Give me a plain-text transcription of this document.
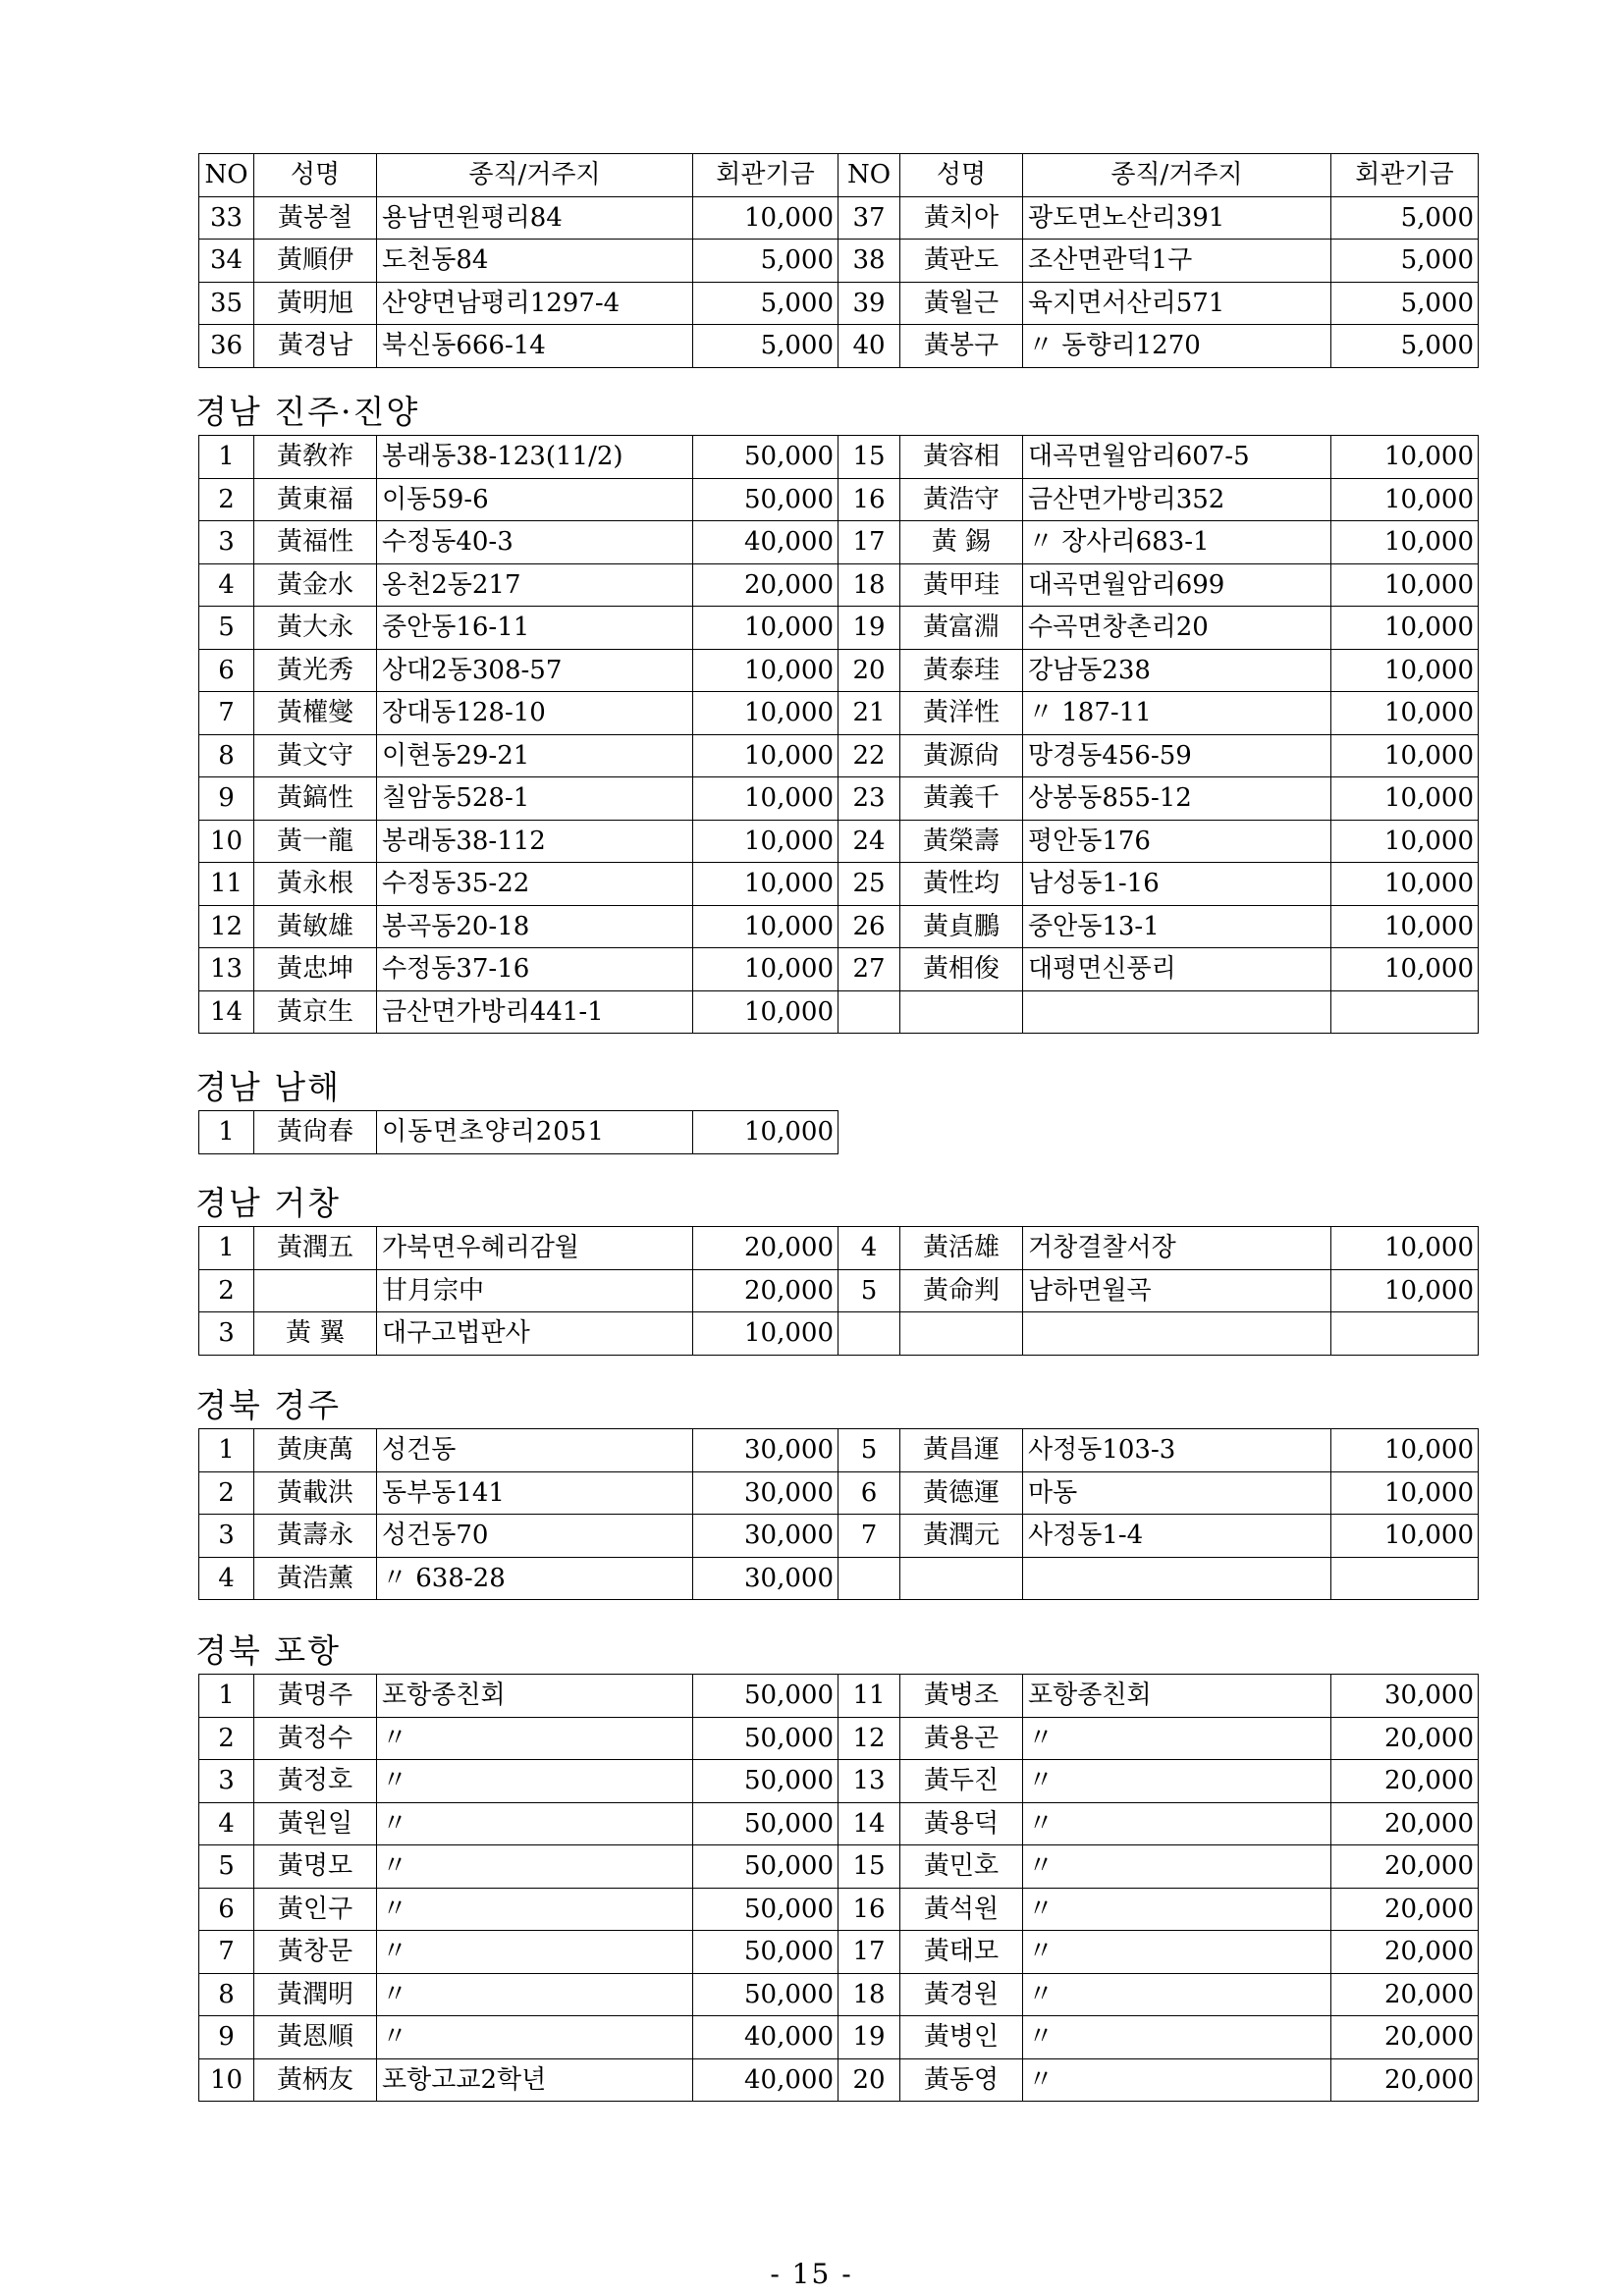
NO	성명	종직/거주지	회관기금	NO	성명	종직/거주지	회관기금
33	黃봉철	용남면원평리84	10,000	37	黃치아	광도면노산리391	5,000
34	黃順伊	도천동84	5,000	38	黃판도	조산면관덕1구	5,000
35	黃明旭	산양면남평리1297-4	5,000	39	黃월근	육지면서산리571	5,000
36	黃경남	북신동666-14	5,000	40	黃봉구	〃 동향리1270	5,000
경남 진주·진양
1	黃敎祚	봉래동38-123(11/2)	50,000	15	黃容相	대곡면월암리607-5	10,000
2	黃東福	이동59-6	50,000	16	黃浩守	금산면가방리352	10,000
3	黃福性	수정동40-3	40,000	17	黃 錫	〃 장사리683-1	10,000
4	黃金水	옹천2동217	20,000	18	黃甲珪	대곡면월암리699	10,000
5	黃大永	중안동16-11	10,000	19	黃富淵	수곡면창촌리20	10,000
6	黃光秀	상대2동308-57	10,000	20	黃泰珪	강남동238	10,000
7	黃權燮	장대동128-10	10,000	21	黃洋性	〃 187-11	10,000
8	黃文守	이현동29-21	10,000	22	黃源尙	망경동456-59	10,000
9	黃鎬性	칠암동528-1	10,000	23	黃義千	상봉동855-12	10,000
10	黃一龍	봉래동38-112	10,000	24	黃榮壽	평안동176	10,000
11	黃永根	수정동35-22	10,000	25	黃性均	남성동1-16	10,000
12	黃敏雄	봉곡동20-18	10,000	26	黃貞鵬	중안동13-1	10,000
13	黃忠坤	수정동37-16	10,000	27	黃相俊	대평면신풍리	10,000
14	黃京生	금산면가방리441-1	10,000				
경남 남해
1	黃尙春	이동면초양리2051	10,000
경남 거창
1	黃潤五	가북면우혜리감월	20,000	4	黃活雄	거창결찰서장	10,000
2		甘月宗中	20,000	5	黃命判	남하면월곡	10,000
3	黃 翼	대구고법판사	10,000				
경북 경주
1	黃庚萬	성건동	30,000	5	黃昌運	사정동103-3	10,000
2	黃載洪	동부동141	30,000	6	黃德運	마동	10,000
3	黃壽永	성건동70	30,000	7	黃潤元	사정동1-4	10,000
4	黃浩薰	〃 638-28	30,000				
경북 포항
1	黃명주	포항종친회	50,000	11	黃병조	포항종친회	30,000
2	黃정수	〃	50,000	12	黃용곤	〃	20,000
3	黃정호	〃	50,000	13	黃두진	〃	20,000
4	黃원일	〃	50,000	14	黃용덕	〃	20,000
5	黃명모	〃	50,000	15	黃민호	〃	20,000
6	黃인구	〃	50,000	16	黃석원	〃	20,000
7	黃창문	〃	50,000	17	黃태모	〃	20,000
8	黃潤明	〃	50,000	18	黃경원	〃	20,000
9	黃恩順	〃	40,000	19	黃병인	〃	20,000
10	黃柄友	포항고교2학년	40,000	20	黃동영	〃	20,000
- 15 -
